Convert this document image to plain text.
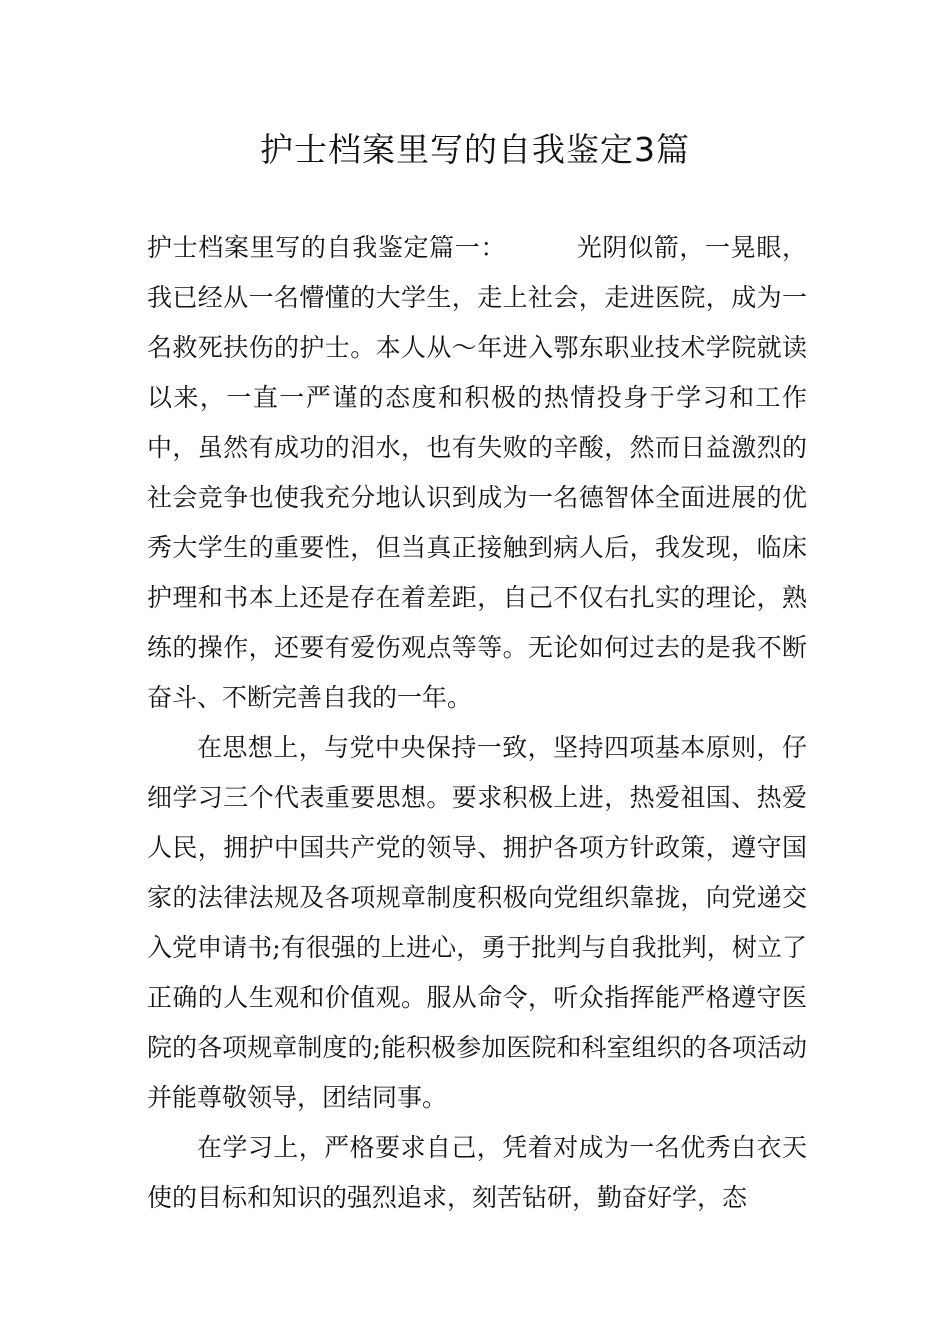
护士档案里写的自我鉴定3篇

护士档案里写的自我鉴定篇一：	光阴似箭，一晃眼，我已经从一名懵懂的大学生，走上社会，走进医院，成为一名救死扶伤的护士。本人从～年进入鄂东职业技术学院就读以来，一直一严谨的态度和积极的热情投身于学习和工作中，虽然有成功的泪水，也有失败的辛酸，然而日益激烈的社会竞争也使我充分地认识到成为一名德智体全面进展的优秀大学生的重要性，但当真正接触到病人后，我发现，临床护理和书本上还是存在着差距，自己不仅右扎实的理论，熟练的操作，还要有爱伤观点等等。无论如何过去的是我不断奋斗、不断完善自我的一年。

在思想上，与党中央保持一致，坚持四项基本原则，仔细学习三个代表重要思想。要求积极上进，热爱祖国、热爱人民，拥护中国共产党的领导、拥护各项方针政策，遵守国家的法律法规及各项规章制度积极向党组织靠拢，向党递交入党申请书;有很强的上进心，勇于批判与自我批判，树立了正确的人生观和价值观。服从命令，听众指挥能严格遵守医院的各项规章制度的;能积极参加医院和科室组织的各项活动并能尊敬领导，团结同事。

在学习上，严格要求自己，凭着对成为一名优秀白衣天使的目标和知识的强烈追求，刻苦钻研，勤奋好学，态
